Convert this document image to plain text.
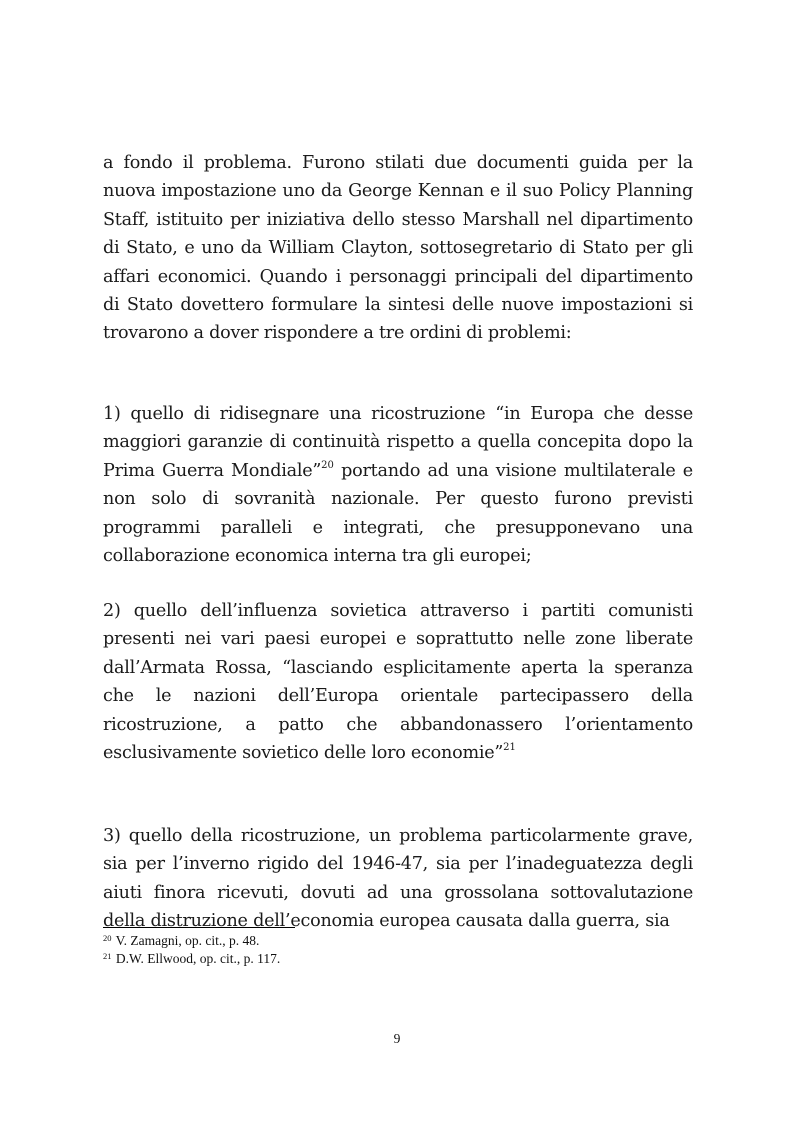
a fondo il problema. Furono stilati due documenti guida per la nuova impostazione uno da George Kennan e il suo Policy Planning Staff, istituito per iniziativa dello stesso Marshall nel dipartimento di Stato, e uno da William Clayton, sottosegretario di Stato per gli affari economici. Quando i personaggi principali del dipartimento di Stato dovettero formulare la sintesi delle nuove impostazioni si trovarono a dover rispondere a tre ordini di problemi:

1) quello di ridisegnare una ricostruzione “in Europa che desse maggiori garanzie di continuità rispetto a quella concepita dopo la Prima Guerra Mondiale”$^{20}$ portando ad una visione multilaterale e non solo di sovranità nazionale. Per questo furono previsti programmi paralleli e integrati, che presupponevano una collaborazione economica interna tra gli europei;

2) quello dell’influenza sovietica attraverso i partiti comunisti presenti nei vari paesi europei e soprattutto nelle zone liberate dall’Armata Rossa, “lasciando esplicitamente aperta la speranza che le nazioni dell’Europa orientale partecipassero della ricostruzione, a patto che abbandonassero l’orientamento esclusivamente sovietico delle loro economie”$^{21}$

3) quello della ricostruzione, un problema particolarmente grave, sia per l’inverno rigido del 1946-47, sia per l’inadeguatezza degli aiuti finora ricevuti, dovuti ad una grossolana sottovalutazione della distruzione dell’economia europea causata dalla guerra, sia

$^{20}$ V. Zamagni, op. cit., p. 48.
$^{21}$ D.W. Ellwood, op. cit., p. 117.
9
